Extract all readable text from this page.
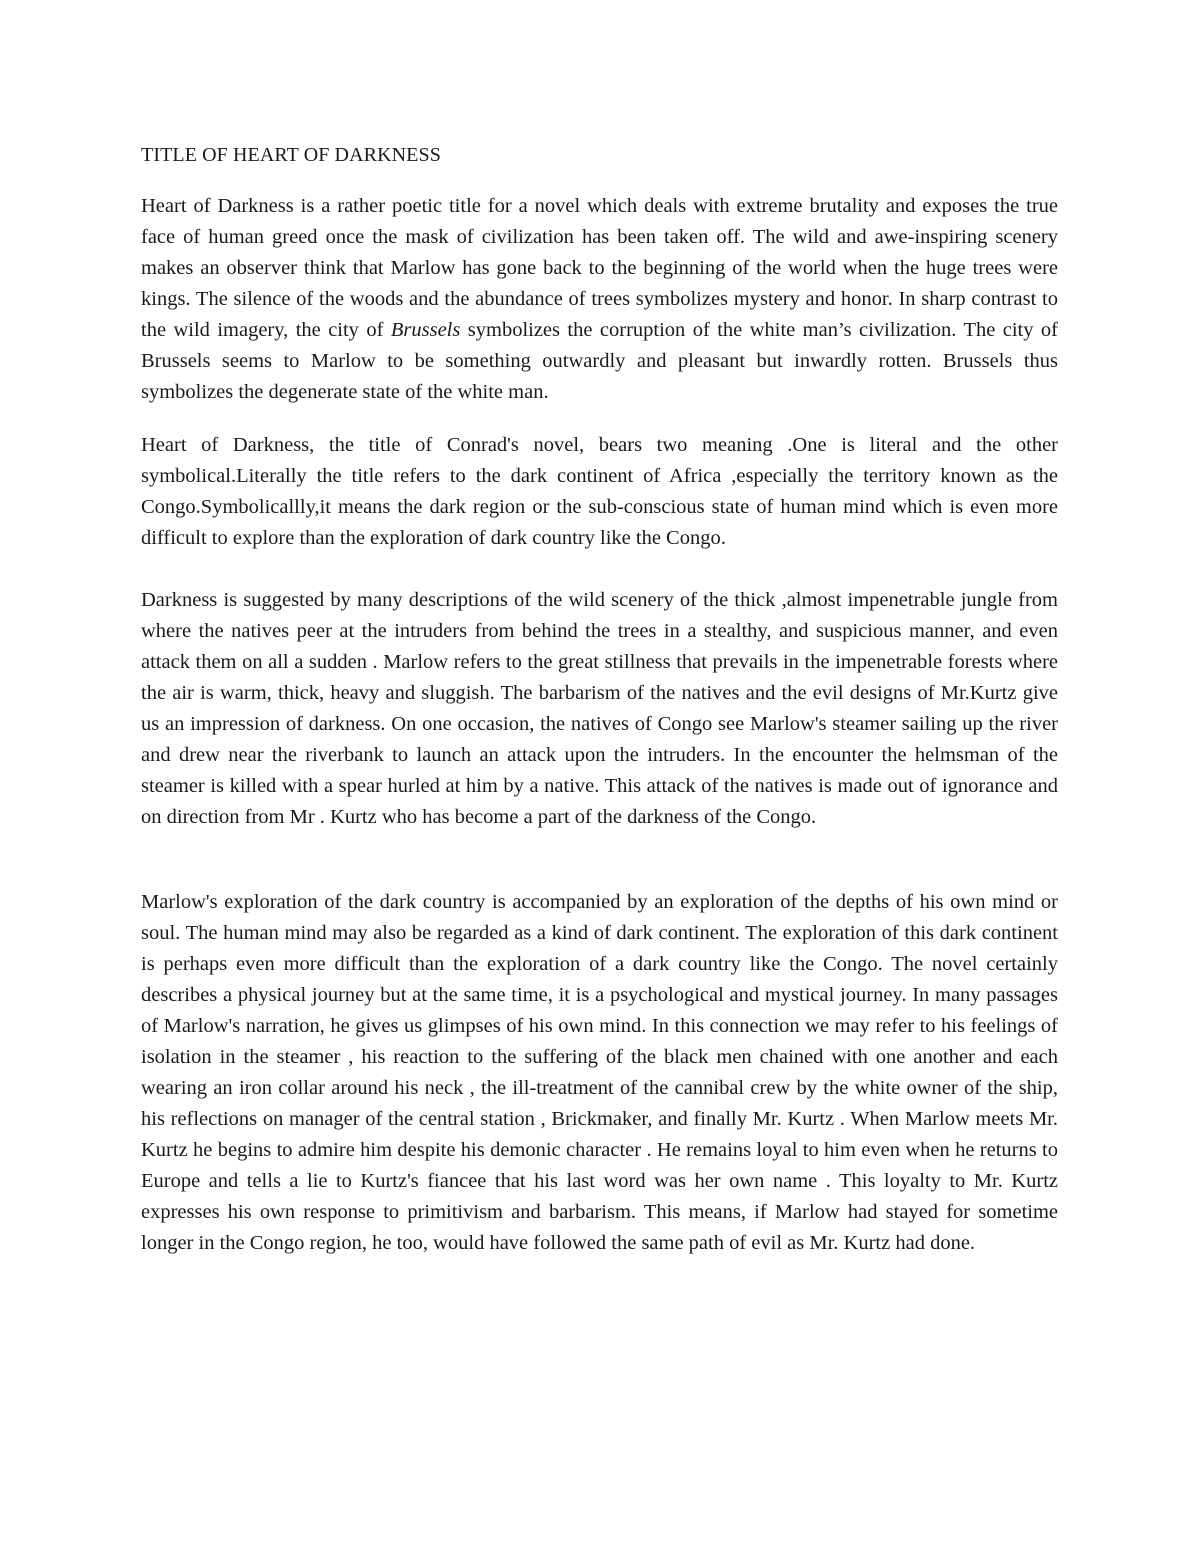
TITLE OF HEART OF DARKNESS

Heart of Darkness is a rather poetic title for a novel which deals with extreme brutality and exposes the true face of human greed once the mask of civilization has been taken off. The wild and awe-inspiring scenery makes an observer think that Marlow has gone back to the beginning of the world when the huge trees were kings. The silence of the woods and the abundance of trees symbolizes mystery and honor. In sharp contrast to the wild imagery, the city of Brussels symbolizes the corruption of the white man’s civilization. The city of Brussels seems to Marlow to be something outwardly and pleasant but inwardly rotten. Brussels thus symbolizes the degenerate state of the white man.

Heart of Darkness, the title of Conrad's novel, bears two meaning .One is literal and the other symbolical.Literally the title refers to the dark continent of Africa ,especially the territory known as the Congo.Symbolicallly,it means the dark region or the sub-conscious state of human mind which is even more difficult to explore than the exploration of dark country like the Congo.

Darkness is suggested by many descriptions of the wild scenery of the thick ,almost impenetrable jungle from where the natives peer at the intruders from behind the trees in a stealthy, and suspicious manner, and even attack them on all a sudden . Marlow refers to the great stillness that prevails in the impenetrable forests where the air is warm, thick, heavy and sluggish. The barbarism of the natives and the evil designs of Mr.Kurtz give us an impression of darkness. On one occasion, the natives of Congo see Marlow's steamer sailing up the river and drew near the riverbank to launch an attack upon the intruders. In the encounter the helmsman of the steamer is killed with a spear hurled at him by a native. This attack of the natives is made out of ignorance and on direction from Mr . Kurtz who has become a part of the darkness of the Congo.

Marlow's exploration of the dark country is accompanied by an exploration of the depths of his own mind or soul. The human mind may also be regarded as a kind of dark continent. The exploration of this dark continent is perhaps even more difficult than the exploration of a dark country like the Congo. The novel certainly describes a physical journey but at the same time, it is a psychological and mystical journey. In many passages of Marlow's narration, he gives us glimpses of his own mind. In this connection we may refer to his feelings of isolation in the steamer , his reaction to the suffering of the black men chained with one another and each wearing an iron collar around his neck , the ill-treatment of the cannibal crew by the white owner of the ship, his reflections on manager of the central station , Brickmaker, and finally Mr. Kurtz . When Marlow meets Mr. Kurtz he begins to admire him despite his demonic character . He remains loyal to him even when he returns to Europe and tells a lie to Kurtz's fiancee that his last word was her own name . This loyalty to Mr. Kurtz expresses his own response to primitivism and barbarism. This means, if Marlow had stayed for sometime longer in the Congo region, he too, would have followed the same path of evil as Mr. Kurtz had done.
